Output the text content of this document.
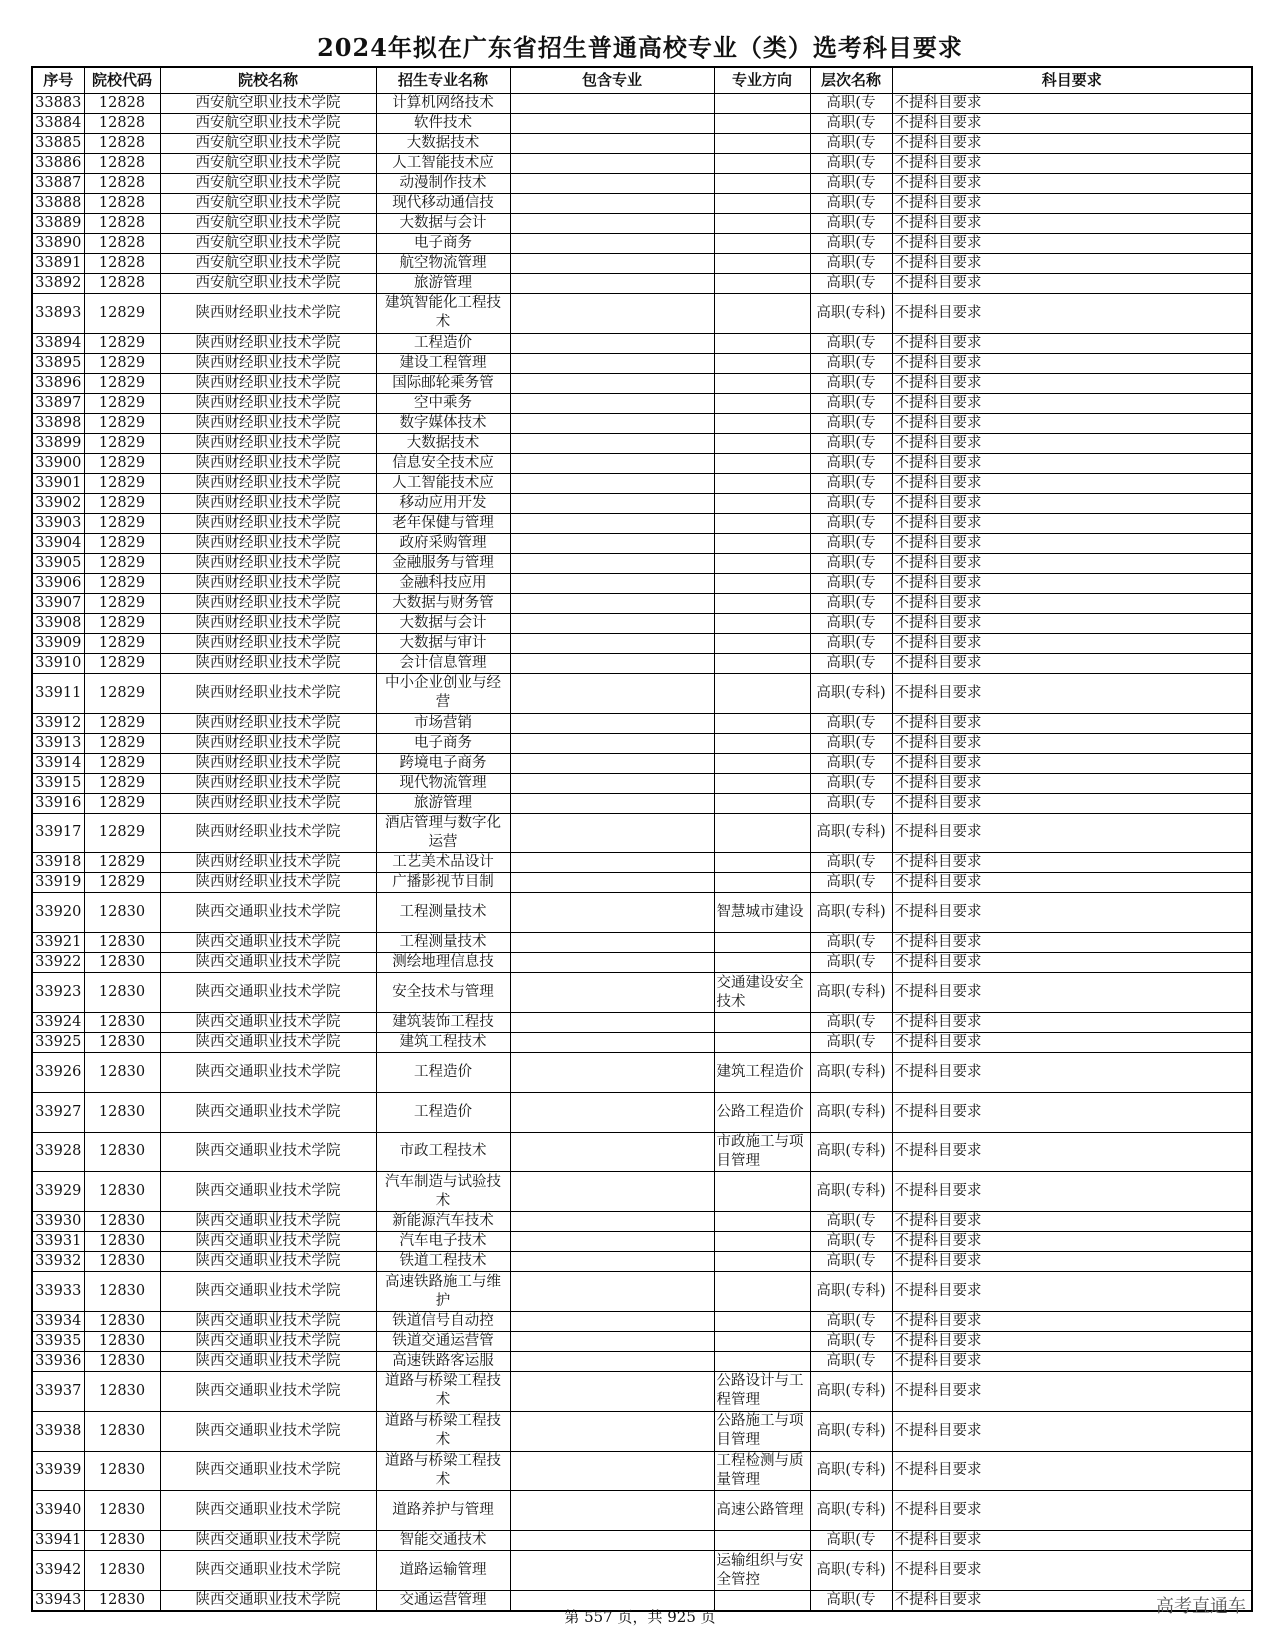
2024年拟在广东省招生普通高校专业（类）选考科目要求
序号	院校代码	院校名称	招生专业名称	包含专业	专业方向	层次名称	科目要求
33883	12828	西安航空职业技术学院	计算机网络技术			高职(专	不提科目要求
33884	12828	西安航空职业技术学院	软件技术			高职(专	不提科目要求
33885	12828	西安航空职业技术学院	大数据技术			高职(专	不提科目要求
33886	12828	西安航空职业技术学院	人工智能技术应			高职(专	不提科目要求
33887	12828	西安航空职业技术学院	动漫制作技术			高职(专	不提科目要求
33888	12828	西安航空职业技术学院	现代移动通信技			高职(专	不提科目要求
33889	12828	西安航空职业技术学院	大数据与会计			高职(专	不提科目要求
33890	12828	西安航空职业技术学院	电子商务			高职(专	不提科目要求
33891	12828	西安航空职业技术学院	航空物流管理			高职(专	不提科目要求
33892	12828	西安航空职业技术学院	旅游管理			高职(专	不提科目要求
33893	12829	陕西财经职业技术学院	建筑智能化工程技术			高职(专科)	不提科目要求
33894	12829	陕西财经职业技术学院	工程造价			高职(专	不提科目要求
33895	12829	陕西财经职业技术学院	建设工程管理			高职(专	不提科目要求
33896	12829	陕西财经职业技术学院	国际邮轮乘务管			高职(专	不提科目要求
33897	12829	陕西财经职业技术学院	空中乘务			高职(专	不提科目要求
33898	12829	陕西财经职业技术学院	数字媒体技术			高职(专	不提科目要求
33899	12829	陕西财经职业技术学院	大数据技术			高职(专	不提科目要求
33900	12829	陕西财经职业技术学院	信息安全技术应			高职(专	不提科目要求
33901	12829	陕西财经职业技术学院	人工智能技术应			高职(专	不提科目要求
33902	12829	陕西财经职业技术学院	移动应用开发			高职(专	不提科目要求
33903	12829	陕西财经职业技术学院	老年保健与管理			高职(专	不提科目要求
33904	12829	陕西财经职业技术学院	政府采购管理			高职(专	不提科目要求
33905	12829	陕西财经职业技术学院	金融服务与管理			高职(专	不提科目要求
33906	12829	陕西财经职业技术学院	金融科技应用			高职(专	不提科目要求
33907	12829	陕西财经职业技术学院	大数据与财务管			高职(专	不提科目要求
33908	12829	陕西财经职业技术学院	大数据与会计			高职(专	不提科目要求
33909	12829	陕西财经职业技术学院	大数据与审计			高职(专	不提科目要求
33910	12829	陕西财经职业技术学院	会计信息管理			高职(专	不提科目要求
33911	12829	陕西财经职业技术学院	中小企业创业与经营			高职(专科)	不提科目要求
33912	12829	陕西财经职业技术学院	市场营销			高职(专	不提科目要求
33913	12829	陕西财经职业技术学院	电子商务			高职(专	不提科目要求
33914	12829	陕西财经职业技术学院	跨境电子商务			高职(专	不提科目要求
33915	12829	陕西财经职业技术学院	现代物流管理			高职(专	不提科目要求
33916	12829	陕西财经职业技术学院	旅游管理			高职(专	不提科目要求
33917	12829	陕西财经职业技术学院	酒店管理与数字化运营			高职(专科)	不提科目要求
33918	12829	陕西财经职业技术学院	工艺美术品设计			高职(专	不提科目要求
33919	12829	陕西财经职业技术学院	广播影视节目制			高职(专	不提科目要求
33920	12830	陕西交通职业技术学院	工程测量技术		智慧城市建设	高职(专科)	不提科目要求
33921	12830	陕西交通职业技术学院	工程测量技术			高职(专	不提科目要求
33922	12830	陕西交通职业技术学院	测绘地理信息技			高职(专	不提科目要求
33923	12830	陕西交通职业技术学院	安全技术与管理		交通建设安全技术	高职(专科)	不提科目要求
33924	12830	陕西交通职业技术学院	建筑装饰工程技			高职(专	不提科目要求
33925	12830	陕西交通职业技术学院	建筑工程技术			高职(专	不提科目要求
33926	12830	陕西交通职业技术学院	工程造价		建筑工程造价	高职(专科)	不提科目要求
33927	12830	陕西交通职业技术学院	工程造价		公路工程造价	高职(专科)	不提科目要求
33928	12830	陕西交通职业技术学院	市政工程技术		市政施工与项目管理	高职(专科)	不提科目要求
33929	12830	陕西交通职业技术学院	汽车制造与试验技术			高职(专科)	不提科目要求
33930	12830	陕西交通职业技术学院	新能源汽车技术			高职(专	不提科目要求
33931	12830	陕西交通职业技术学院	汽车电子技术			高职(专	不提科目要求
33932	12830	陕西交通职业技术学院	铁道工程技术			高职(专	不提科目要求
33933	12830	陕西交通职业技术学院	高速铁路施工与维护			高职(专科)	不提科目要求
33934	12830	陕西交通职业技术学院	铁道信号自动控			高职(专	不提科目要求
33935	12830	陕西交通职业技术学院	铁道交通运营管			高职(专	不提科目要求
33936	12830	陕西交通职业技术学院	高速铁路客运服			高职(专	不提科目要求
33937	12830	陕西交通职业技术学院	道路与桥梁工程技术		公路设计与工程管理	高职(专科)	不提科目要求
33938	12830	陕西交通职业技术学院	道路与桥梁工程技术		公路施工与项目管理	高职(专科)	不提科目要求
33939	12830	陕西交通职业技术学院	道路与桥梁工程技术		工程检测与质量管理	高职(专科)	不提科目要求
33940	12830	陕西交通职业技术学院	道路养护与管理		高速公路管理	高职(专科)	不提科目要求
33941	12830	陕西交通职业技术学院	智能交通技术			高职(专	不提科目要求
33942	12830	陕西交通职业技术学院	道路运输管理		运输组织与安全管控	高职(专科)	不提科目要求
33943	12830	陕西交通职业技术学院	交通运营管理			高职(专	不提科目要求
第 557 页，共 925 页	高考直通车
